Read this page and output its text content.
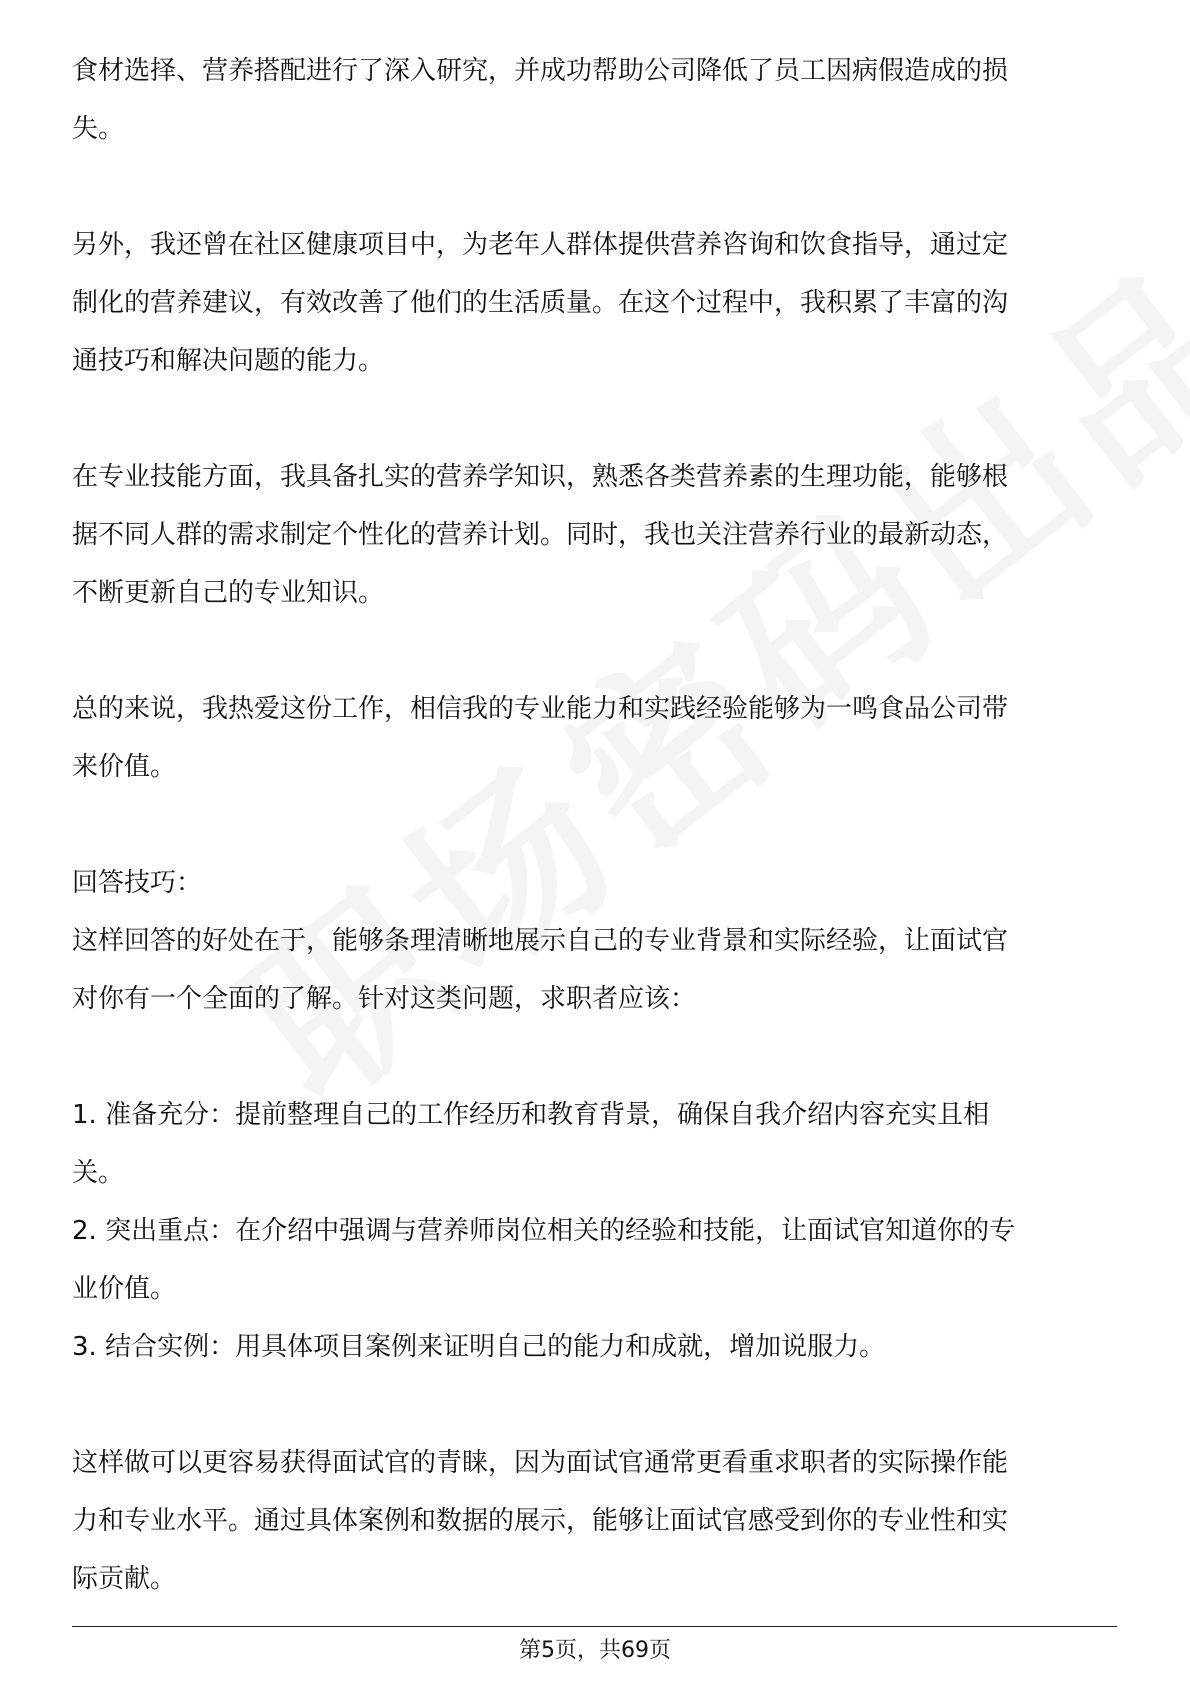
食材选择、营养搭配进行了深入研究，并成功帮助公司降低了员工因病假造成的损
失。

另外，我还曾在社区健康项目中，为老年人群体提供营养咨询和饮食指导，通过定
制化的营养建议，有效改善了他们的生活质量。在这个过程中，我积累了丰富的沟
通技巧和解决问题的能力。

在专业技能方面，我具备扎实的营养学知识，熟悉各类营养素的生理功能，能够根
据不同人群的需求制定个性化的营养计划。同时，我也关注营养行业的最新动态，
不断更新自己的专业知识。

总的来说，我热爱这份工作，相信我的专业能力和实践经验能够为一鸣食品公司带
来价值。

回答技巧：
这样回答的好处在于，能够条理清晰地展示自己的专业背景和实际经验，让面试官
对你有一个全面的了解。针对这类问题，求职者应该：

1. 准备充分：提前整理自己的工作经历和教育背景，确保自我介绍内容充实且相
关。
2. 突出重点：在介绍中强调与营养师岗位相关的经验和技能，让面试官知道你的专
业价值。
3. 结合实例：用具体项目案例来证明自己的能力和成就，增加说服力。

这样做可以更容易获得面试官的青睐，因为面试官通常更看重求职者的实际操作能
力和专业水平。通过具体案例和数据的展示，能够让面试官感受到你的专业性和实
际贡献。

第5页，共69页
